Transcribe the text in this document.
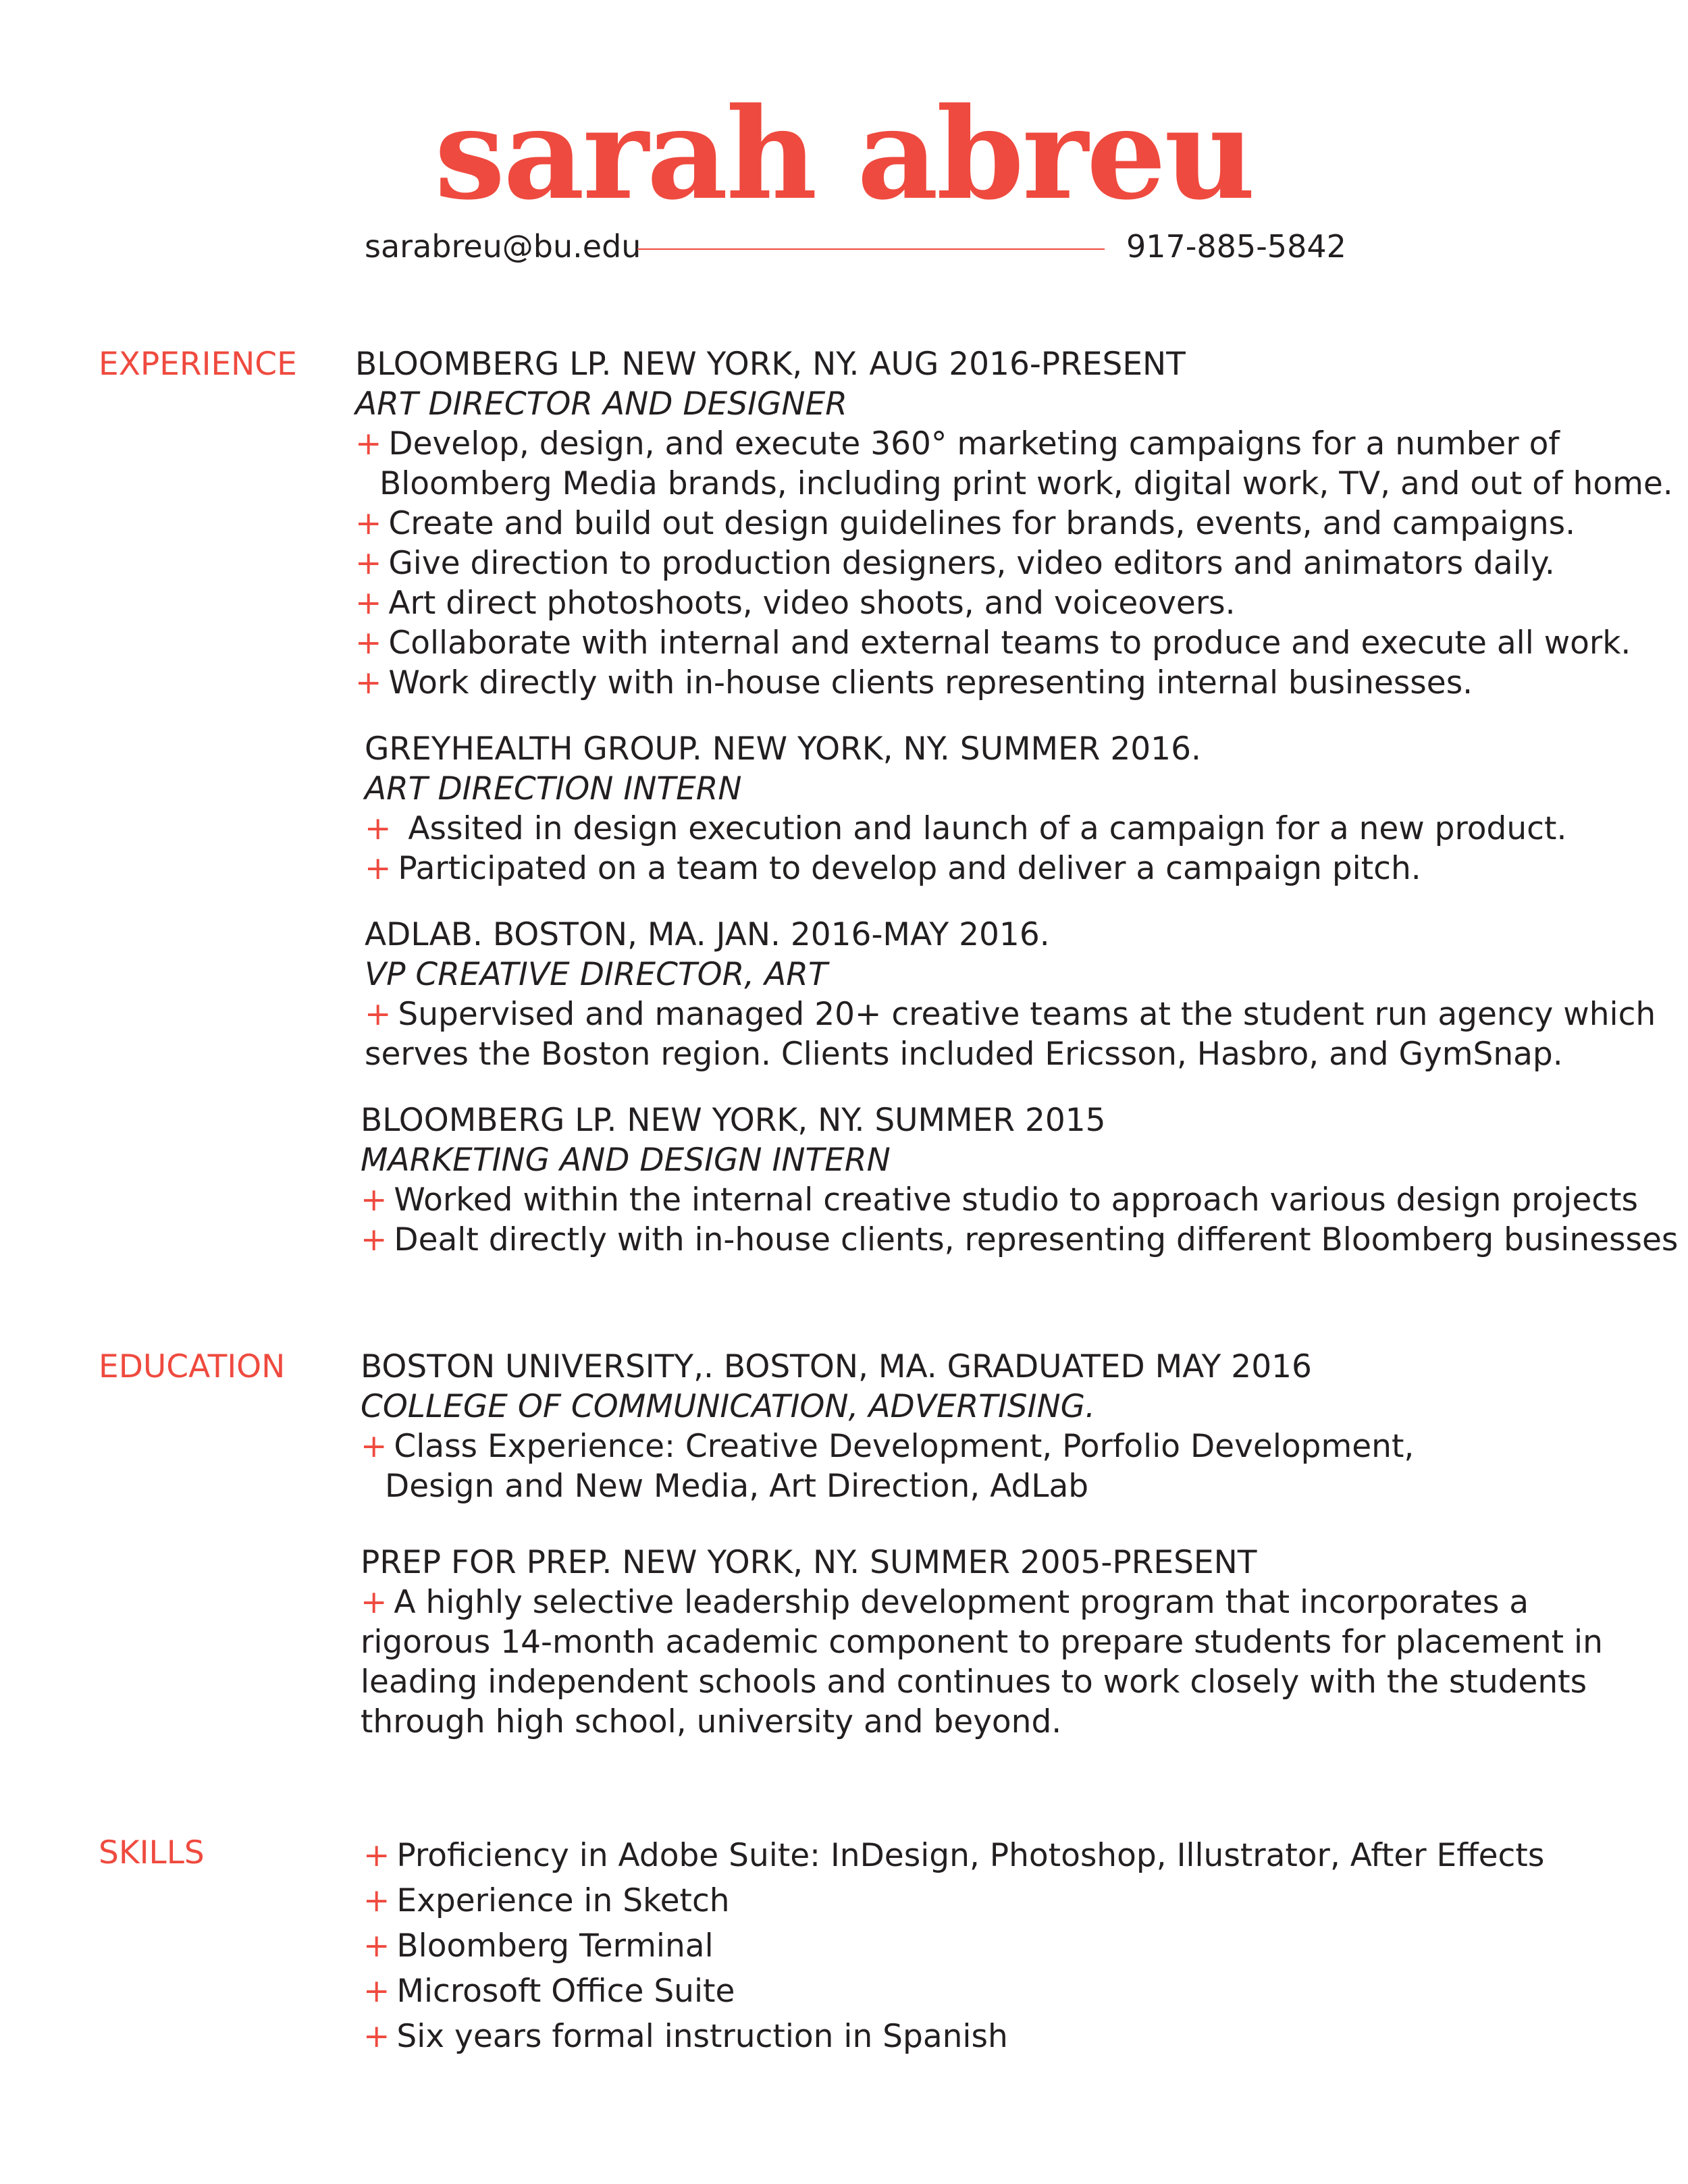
sarah abreu
sarabreu@bu.edu	917-885-5842
EXPERIENCE BLOOMBERG LP. NEW YORK, NY. AUG 2016-PRESENT
ART DIRECTOR AND DESIGNER
+ Develop, design, and execute 360° marketing campaigns for a number of
Bloomberg Media brands, including print work, digital work, TV, and out of home.
+ Create and build out design guidelines for brands, events, and campaigns.
+ Give direction to production designers, video editors and animators daily.
+ Art direct photoshoots, video shoots, and voiceovers.
+ Collaborate with internal and external teams to produce and execute all work.
+ Work directly with in-house clients representing internal businesses.
GREYHEALTH GROUP. NEW YORK, NY. SUMMER 2016.
ART DIRECTION INTERN
+ Assited in design execution and launch of a campaign for a new product.
+ Participated on a team to develop and deliver a campaign pitch.
ADLAB. BOSTON, MA. JAN. 2016-MAY 2016.
VP CREATIVE DIRECTOR, ART
+ Supervised and managed 20+ creative teams at the student run agency which
serves the Boston region. Clients included Ericsson, Hasbro, and GymSnap.
BLOOMBERG LP. NEW YORK, NY. SUMMER 2015
MARKETING AND DESIGN INTERN
+ Worked within the internal creative studio to approach various design projects
+ Dealt directly with in-house clients, representing different Bloomberg businesses
EDUCATION BOSTON UNIVERSITY,. BOSTON, MA. GRADUATED MAY 2016
COLLEGE OF COMMUNICATION, ADVERTISING.
+ Class Experience: Creative Development, Porfolio Development,
Design and New Media, Art Direction, AdLab
PREP FOR PREP. NEW YORK, NY. SUMMER 2005-PRESENT
+ A highly selective leadership development program that incorporates a
rigorous 14-month academic component to prepare students for placement in
leading independent schools and continues to work closely with the students
through high school, university and beyond.
SKILLS	+ Proficiency in Adobe Suite: InDesign, Photoshop, Illustrator, After Effects
+ Experience in Sketch
+ Bloomberg Terminal
+ Microsoft Office Suite
+ Six years formal instruction in Spanish
